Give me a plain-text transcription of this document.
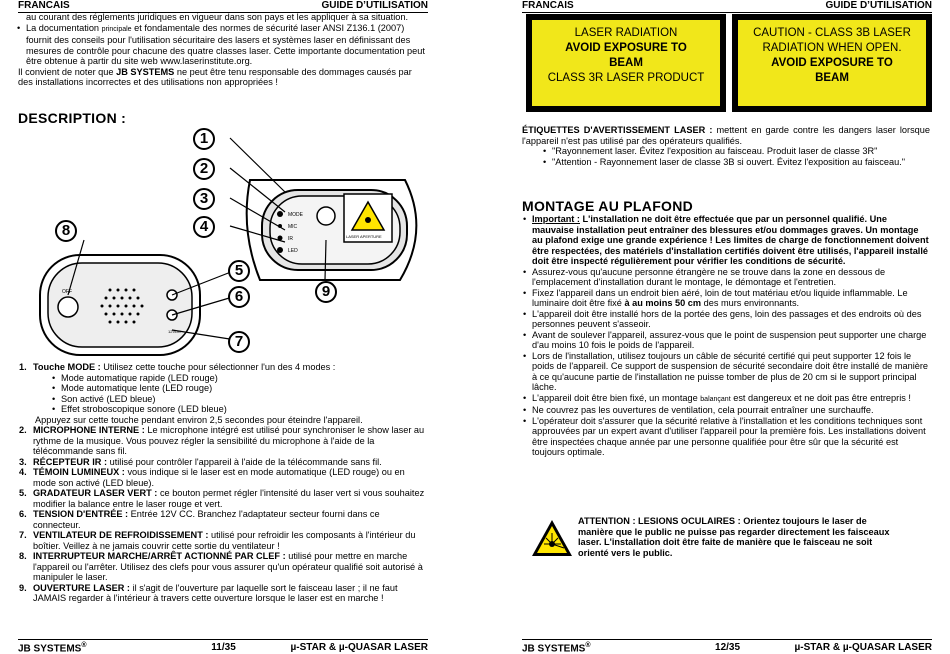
FRANCAIS	GUIDE D’UTILISATION

au courant des réglements juridiques en vigueur dans son pays et les appliquer à sa situation.

• La documentation principale et fondamentale des normes de sécurité laser ANSI Z136.1 (2007) fournit des conseils pour l'utilisation sécuritaire des lasers et systèmes laser en définissant des mesures de contrôle pour chacune des quatre classes laser. Cette importante documentation peut être obtenue à partir du site web www.laserinstitute.org.

Il convient de noter que JB SYSTEMS ne peut être tenu responsable des dommages causés par des installations incorrectes et des utilisations non appropriées !

DESCRIPTION :
MODE
MIC
IR
LED
LASER APERTURE
OFF
12VDC
1
2
3
4
5
6
7
8
9
1. Touche MODE : Utilisez cette touche pour sélectionner l'un des 4 modes :
• Mode automatique rapide (LED rouge)
• Mode automatique lente (LED rouge)
• Son activé (LED bleue)
• Effet stroboscopique sonore (LED bleue)
Appuyez sur cette touche pendant environ 2,5 secondes pour éteindre l'appareil.
2. MICROPHONE INTERNE : Le microphone intégré est utilisé pour synchroniser le show laser au rythme de la musique. Vous pouvez régler la sensibilité du microphone à l'aide de la télécommande sans fil.
3. RÉCEPTEUR IR : utilisé pour contrôler l'appareil à l'aide de la télécommande sans fil.
4. TÉMOIN LUMINEUX : vous indique si le laser est en mode automatique (LED rouge) ou en mode son activé (LED bleue).
5. GRADATEUR LASER VERT : ce bouton permet régler l'intensité du laser vert si vous souhaitez modifier la balance entre le laser rouge et vert.
6. TENSION D'ENTRÉE : Entrée 12V CC. Branchez l'adaptateur secteur fourni dans ce connecteur.
7. VENTILATEUR DE REFROIDISSEMENT : utilisé pour refroidir les composants à l'intérieur du boîtier. Veillez à ne jamais couvrir cette sortie du ventilateur !
8. INTERRUPTEUR MARCHE/ARRÊT ACTIONNÉ PAR CLEF : utilisé pour mettre en marche l'appareil ou l'arrêter. Utilisez des clefs pour vous assurer qu'un opérateur qualifié soit autorisé à manipuler le laser.
9. OUVERTURE LASER : il s'agit de l'ouverture par laquelle sort le faisceau laser ; il ne faut JAMAIS regarder à l'intérieur à travers cette ouverture lorsque le laser est en marche !
JB SYSTEMS®	11/35	µ-STAR & µ-QUASAR LASER
FRANCAIS	GUIDE D’UTILISATION
LASER RADIATION
AVOID EXPOSURE TO
BEAM
CLASS 3R LASER PRODUCT
CAUTION - CLASS 3B LASER
RADIATION WHEN OPEN.
AVOID EXPOSURE TO
BEAM

ÉTIQUETTES D'AVERTISSEMENT LASER : mettent en garde contre les dangers laser lorsque l'appareil n'est pas utilisé par des opérateurs qualifiés.

• "Rayonnement laser. Évitez l'exposition au faisceau. Produit laser de classe 3R"
• "Attention - Rayonnement laser de classe 3B si ouvert. Évitez l'exposition au faisceau."
MONTAGE AU PLAFOND
• Important : L'installation ne doit être effectuée que par un personnel qualifié. Une mauvaise installation peut entraîner des blessures et/ou dommages graves. Un montage au plafond exige une grande expérience ! Les limites de charge de fonctionnement doivent être respectées, des matériels d'installation certifiés doivent être utilisés, l'appareil installé doit être inspecté régulièrement pour vérifier les conditions de sécurité.
• Assurez-vous qu'aucune personne étrangère ne se trouve dans la zone en dessous de l'emplacement d'installation durant le montage, le démontage et l'entretien.
• Fixez l'appareil dans un endroit bien aéré, loin de tout matériau et/ou liquide inflammable. Le luminaire doit être fixé à au moins 50 cm des murs environnants.
• L'appareil doit être installé hors de la portée des gens, loin des passages et des endroits où des personnes peuvent s'asseoir.
• Avant de soulever l'appareil, assurez-vous que le point de suspension peut supporter une charge d'au moins 10 fois le poids de l'appareil.
• Lors de l'installation, utilisez toujours un câble de sécurité certifié qui peut supporter 12 fois le poids de l'appareil. Ce support de suspension de sécurité secondaire doit être installé de manière à ce qu'aucune partie de l'installation ne puisse tomber de plus de 20 cm si le support principal lâche.
• L'appareil doit être bien fixé, un montage balançant est dangereux et ne doit pas être entrepris !
• Ne couvrez pas les ouvertures de ventilation, cela pourrait entraîner une surchauffe.
• L'opérateur doit s'assurer que la sécurité relative à l'installation et les conditions techniques sont approuvées par un expert avant d'utiliser l'appareil pour la première fois. Les installations doivent être inspectées chaque année par une personne qualifiée pour être sûr que la sécurité est toujours optimale.
ATTENTION : LESIONS OCULAIRES : Orientez toujours le laser de manière que le public ne puisse pas regarder directement les faisceaux laser. L'installation doit être faite de manière que le faisceau ne soit orienté vers le public.
JB SYSTEMS®	12/35	µ-STAR & µ-QUASAR LASER
